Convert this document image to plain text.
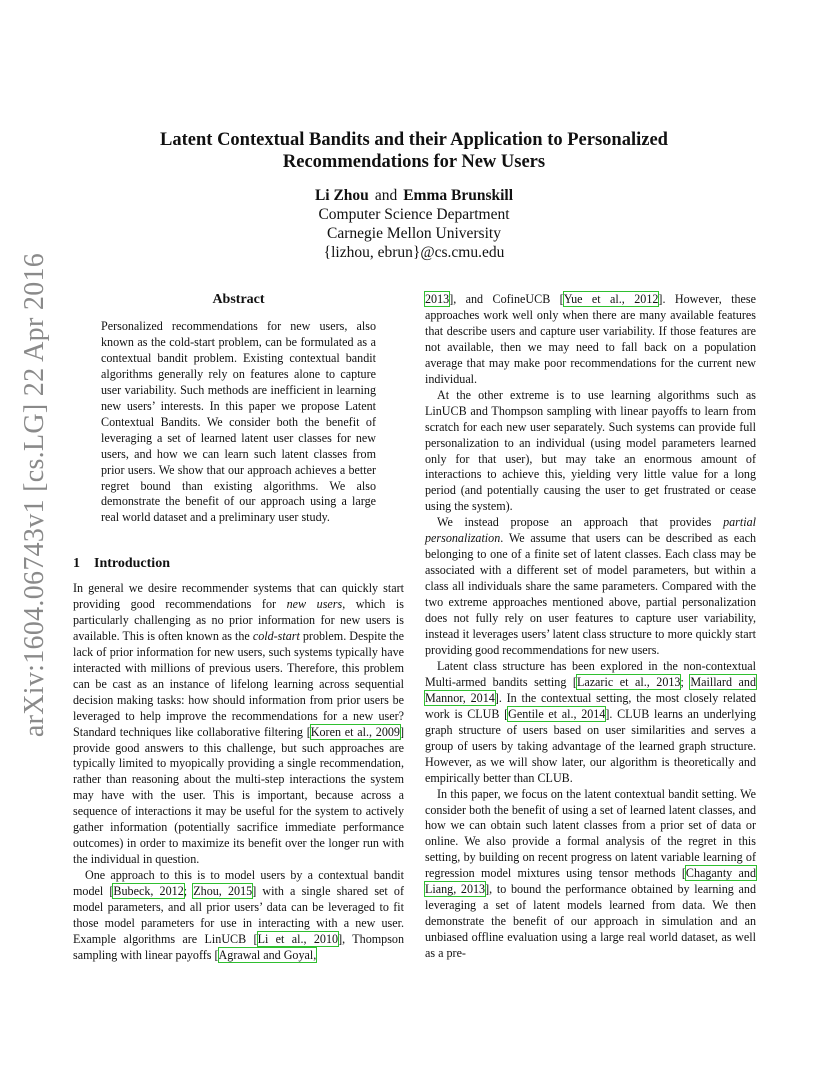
arXiv:1604.06743v1 [cs.LG] 22 Apr 2016
Latent Contextual Bandits and their Application to Personalized
Recommendations for New Users
Li Zhou and Emma Brunskill
Computer Science Department
Carnegie Mellon University
{lizhou, ebrun}@cs.cmu.edu
Abstract
Personalized recommendations for new users, also known as the cold-start problem, can be formulated as a contextual bandit problem. Existing contextual bandit algorithms generally rely on features alone to capture user variability. Such methods are inefficient in learning new users’ interests. In this paper we propose Latent Contextual Bandits. We consider both the benefit of leveraging a set of learned latent user classes for new users, and how we can learn such latent classes from prior users. We show that our approach achieves a better regret bound than existing algorithms. We also demonstrate the benefit of our approach using a large real world dataset and a preliminary user study.
1 Introduction

In general we desire recommender systems that can quickly start providing good recommendations for new users, which is particularly challenging as no prior information for new users is available. This is often known as the cold-start problem. Despite the lack of prior information for new users, such systems typically have interacted with millions of previous users. Therefore, this problem can be cast as an instance of lifelong learning across sequential decision making tasks: how should information from prior users be leveraged to help improve the recommendations for a new user? Standard techniques like collaborative filtering [Koren et al., 2009] provide good answers to this challenge, but such approaches are typically limited to myopically providing a single recommendation, rather than reasoning about the multi-step interactions the system may have with the user. This is important, because across a sequence of interactions it may be useful for the system to actively gather information (potentially sacrifice immediate performance outcomes) in order to maximize its benefit over the longer run with the individual in question.

One approach to this is to model users by a contextual bandit model [Bubeck, 2012; Zhou, 2015] with a single shared set of model parameters, and all prior users’ data can be leveraged to fit those model parameters for use in interacting with a new user. Example algorithms are LinUCB [Li et al., 2010], Thompson sampling with linear payoffs [Agrawal and Goyal,

2013], and CofineUCB [Yue et al., 2012]. However, these approaches work well only when there are many available features that describe users and capture user variability. If those features are not available, then we may need to fall back on a population average that may make poor recommendations for the current new individual.

At the other extreme is to use learning algorithms such as LinUCB and Thompson sampling with linear payoffs to learn from scratch for each new user separately. Such systems can provide full personalization to an individual (using model parameters learned only for that user), but may take an enormous amount of interactions to achieve this, yielding very little value for a long period (and potentially causing the user to get frustrated or cease using the system).

We instead propose an approach that provides partial personalization. We assume that users can be described as each belonging to one of a finite set of latent classes. Each class may be associated with a different set of model parameters, but within a class all individuals share the same parameters. Compared with the two extreme approaches mentioned above, partial personalization does not fully rely on user features to capture user variability, instead it leverages users’ latent class structure to more quickly start providing good recommendations for new users.

Latent class structure has been explored in the non-contextual Multi-armed bandits setting [Lazaric et al., 2013; Maillard and Mannor, 2014]. In the contextual setting, the most closely related work is CLUB [Gentile et al., 2014]. CLUB learns an underlying graph structure of users based on user similarities and serves a group of users by taking advantage of the learned graph structure. However, as we will show later, our algorithm is theoretically and empirically better than CLUB.

In this paper, we focus on the latent contextual bandit setting. We consider both the benefit of using a set of learned latent classes, and how we can obtain such latent classes from a prior set of data or online. We also provide a formal analysis of the regret in this setting, by building on recent progress on latent variable learning of regression model mixtures using tensor methods [Chaganty and Liang, 2013], to bound the performance obtained by learning and leveraging a set of latent models learned from data. We then demonstrate the benefit of our approach in simulation and an unbiased offline evaluation using a large real world dataset, as well as a pre-
